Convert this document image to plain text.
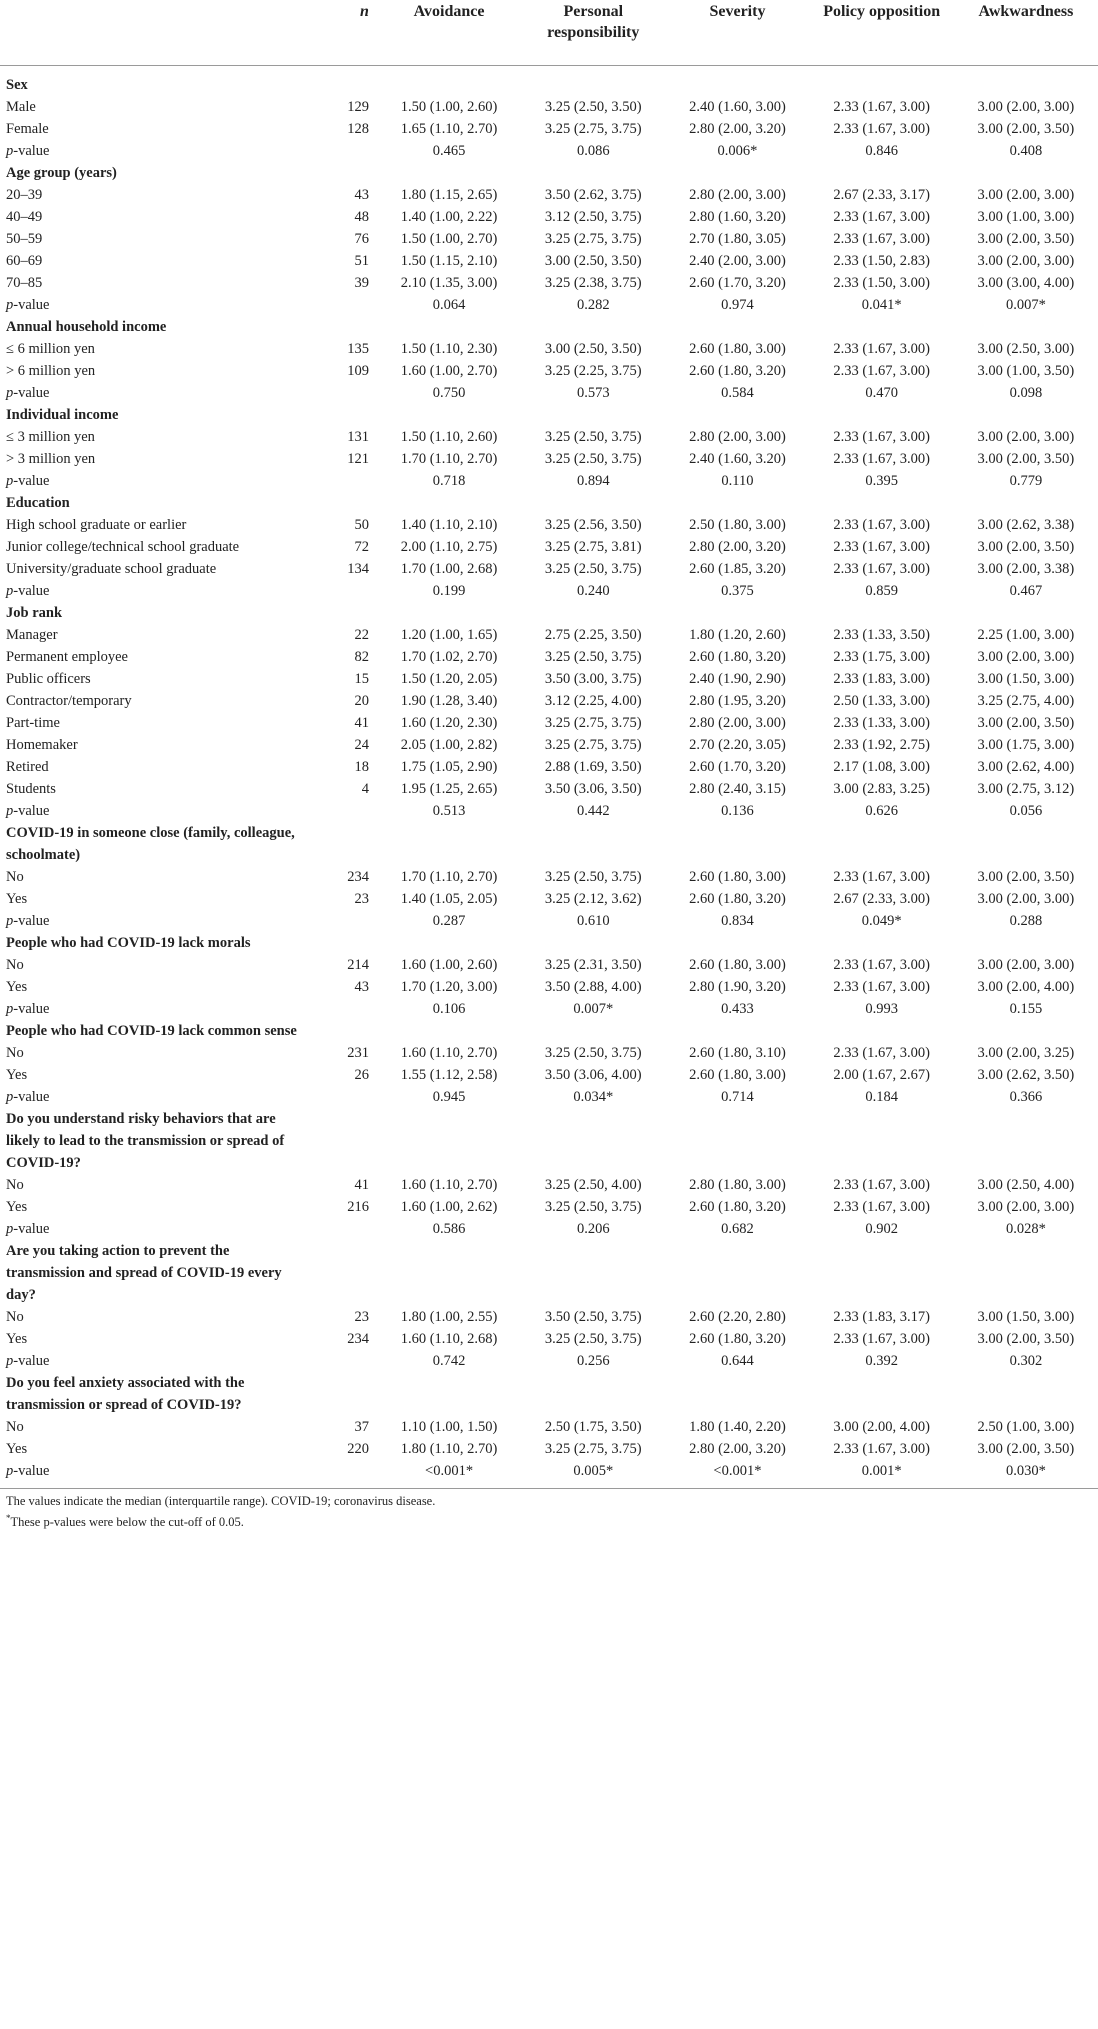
	n	Avoidance	Personal responsibility	Severity	Policy opposition	Awkwardness

Sex						
Male	129	1.50 (1.00, 2.60)	3.25 (2.50, 3.50)	2.40 (1.60, 3.00)	2.33 (1.67, 3.00)	3.00 (2.00, 3.00)
Female	128	1.65 (1.10, 2.70)	3.25 (2.75, 3.75)	2.80 (2.00, 3.20)	2.33 (1.67, 3.00)	3.00 (2.00, 3.50)
p-value		0.465	0.086	0.006*	0.846	0.408
Age group (years)						
20–39	43	1.80 (1.15, 2.65)	3.50 (2.62, 3.75)	2.80 (2.00, 3.00)	2.67 (2.33, 3.17)	3.00 (2.00, 3.00)
40–49	48	1.40 (1.00, 2.22)	3.12 (2.50, 3.75)	2.80 (1.60, 3.20)	2.33 (1.67, 3.00)	3.00 (1.00, 3.00)
50–59	76	1.50 (1.00, 2.70)	3.25 (2.75, 3.75)	2.70 (1.80, 3.05)	2.33 (1.67, 3.00)	3.00 (2.00, 3.50)
60–69	51	1.50 (1.15, 2.10)	3.00 (2.50, 3.50)	2.40 (2.00, 3.00)	2.33 (1.50, 2.83)	3.00 (2.00, 3.00)
70–85	39	2.10 (1.35, 3.00)	3.25 (2.38, 3.75)	2.60 (1.70, 3.20)	2.33 (1.50, 3.00)	3.00 (3.00, 4.00)
p-value		0.064	0.282	0.974	0.041*	0.007*
Annual household income						
≤ 6 million yen	135	1.50 (1.10, 2.30)	3.00 (2.50, 3.50)	2.60 (1.80, 3.00)	2.33 (1.67, 3.00)	3.00 (2.50, 3.00)
> 6 million yen	109	1.60 (1.00, 2.70)	3.25 (2.25, 3.75)	2.60 (1.80, 3.20)	2.33 (1.67, 3.00)	3.00 (1.00, 3.50)
p-value		0.750	0.573	0.584	0.470	0.098
Individual income						
≤ 3 million yen	131	1.50 (1.10, 2.60)	3.25 (2.50, 3.75)	2.80 (2.00, 3.00)	2.33 (1.67, 3.00)	3.00 (2.00, 3.00)
> 3 million yen	121	1.70 (1.10, 2.70)	3.25 (2.50, 3.75)	2.40 (1.60, 3.20)	2.33 (1.67, 3.00)	3.00 (2.00, 3.50)
p-value		0.718	0.894	0.110	0.395	0.779
Education						
High school graduate or earlier	50	1.40 (1.10, 2.10)	3.25 (2.56, 3.50)	2.50 (1.80, 3.00)	2.33 (1.67, 3.00)	3.00 (2.62, 3.38)
Junior college/technical school graduate	72	2.00 (1.10, 2.75)	3.25 (2.75, 3.81)	2.80 (2.00, 3.20)	2.33 (1.67, 3.00)	3.00 (2.00, 3.50)
University/graduate school graduate	134	1.70 (1.00, 2.68)	3.25 (2.50, 3.75)	2.60 (1.85, 3.20)	2.33 (1.67, 3.00)	3.00 (2.00, 3.38)
p-value		0.199	0.240	0.375	0.859	0.467
Job rank						
Manager	22	1.20 (1.00, 1.65)	2.75 (2.25, 3.50)	1.80 (1.20, 2.60)	2.33 (1.33, 3.50)	2.25 (1.00, 3.00)
Permanent employee	82	1.70 (1.02, 2.70)	3.25 (2.50, 3.75)	2.60 (1.80, 3.20)	2.33 (1.75, 3.00)	3.00 (2.00, 3.00)
Public officers	15	1.50 (1.20, 2.05)	3.50 (3.00, 3.75)	2.40 (1.90, 2.90)	2.33 (1.83, 3.00)	3.00 (1.50, 3.00)
Contractor/temporary	20	1.90 (1.28, 3.40)	3.12 (2.25, 4.00)	2.80 (1.95, 3.20)	2.50 (1.33, 3.00)	3.25 (2.75, 4.00)
Part-time	41	1.60 (1.20, 2.30)	3.25 (2.75, 3.75)	2.80 (2.00, 3.00)	2.33 (1.33, 3.00)	3.00 (2.00, 3.50)
Homemaker	24	2.05 (1.00, 2.82)	3.25 (2.75, 3.75)	2.70 (2.20, 3.05)	2.33 (1.92, 2.75)	3.00 (1.75, 3.00)
Retired	18	1.75 (1.05, 2.90)	2.88 (1.69, 3.50)	2.60 (1.70, 3.20)	2.17 (1.08, 3.00)	3.00 (2.62, 4.00)
Students	4	1.95 (1.25, 2.65)	3.50 (3.06, 3.50)	2.80 (2.40, 3.15)	3.00 (2.83, 3.25)	3.00 (2.75, 3.12)
p-value		0.513	0.442	0.136	0.626	0.056
COVID-19 in someone close (family, colleague, schoolmate)						
No	234	1.70 (1.10, 2.70)	3.25 (2.50, 3.75)	2.60 (1.80, 3.00)	2.33 (1.67, 3.00)	3.00 (2.00, 3.50)
Yes	23	1.40 (1.05, 2.05)	3.25 (2.12, 3.62)	2.60 (1.80, 3.20)	2.67 (2.33, 3.00)	3.00 (2.00, 3.00)
p-value		0.287	0.610	0.834	0.049*	0.288
People who had COVID-19 lack morals						
No	214	1.60 (1.00, 2.60)	3.25 (2.31, 3.50)	2.60 (1.80, 3.00)	2.33 (1.67, 3.00)	3.00 (2.00, 3.00)
Yes	43	1.70 (1.20, 3.00)	3.50 (2.88, 4.00)	2.80 (1.90, 3.20)	2.33 (1.67, 3.00)	3.00 (2.00, 4.00)
p-value		0.106	0.007*	0.433	0.993	0.155
People who had COVID-19 lack common sense						
No	231	1.60 (1.10, 2.70)	3.25 (2.50, 3.75)	2.60 (1.80, 3.10)	2.33 (1.67, 3.00)	3.00 (2.00, 3.25)
Yes	26	1.55 (1.12, 2.58)	3.50 (3.06, 4.00)	2.60 (1.80, 3.00)	2.00 (1.67, 2.67)	3.00 (2.62, 3.50)
p-value		0.945	0.034*	0.714	0.184	0.366
Do you understand risky behaviors that are likely to lead to the transmission or spread of COVID-19?						
No	41	1.60 (1.10, 2.70)	3.25 (2.50, 4.00)	2.80 (1.80, 3.00)	2.33 (1.67, 3.00)	3.00 (2.50, 4.00)
Yes	216	1.60 (1.00, 2.62)	3.25 (2.50, 3.75)	2.60 (1.80, 3.20)	2.33 (1.67, 3.00)	3.00 (2.00, 3.00)
p-value		0.586	0.206	0.682	0.902	0.028*
Are you taking action to prevent the transmission and spread of COVID-19 every day?						
No	23	1.80 (1.00, 2.55)	3.50 (2.50, 3.75)	2.60 (2.20, 2.80)	2.33 (1.83, 3.17)	3.00 (1.50, 3.00)
Yes	234	1.60 (1.10, 2.68)	3.25 (2.50, 3.75)	2.60 (1.80, 3.20)	2.33 (1.67, 3.00)	3.00 (2.00, 3.50)
p-value		0.742	0.256	0.644	0.392	0.302
Do you feel anxiety associated with the transmission or spread of COVID-19?						
No	37	1.10 (1.00, 1.50)	2.50 (1.75, 3.50)	1.80 (1.40, 2.20)	3.00 (2.00, 4.00)	2.50 (1.00, 3.00)
Yes	220	1.80 (1.10, 2.70)	3.25 (2.75, 3.75)	2.80 (2.00, 3.20)	2.33 (1.67, 3.00)	3.00 (2.00, 3.50)
p-value		<0.001*	0.005*	<0.001*	0.001*	0.030*
The values indicate the median (interquartile range). COVID-19; coronavirus disease.
*These p-values were below the cut-off of 0.05.
